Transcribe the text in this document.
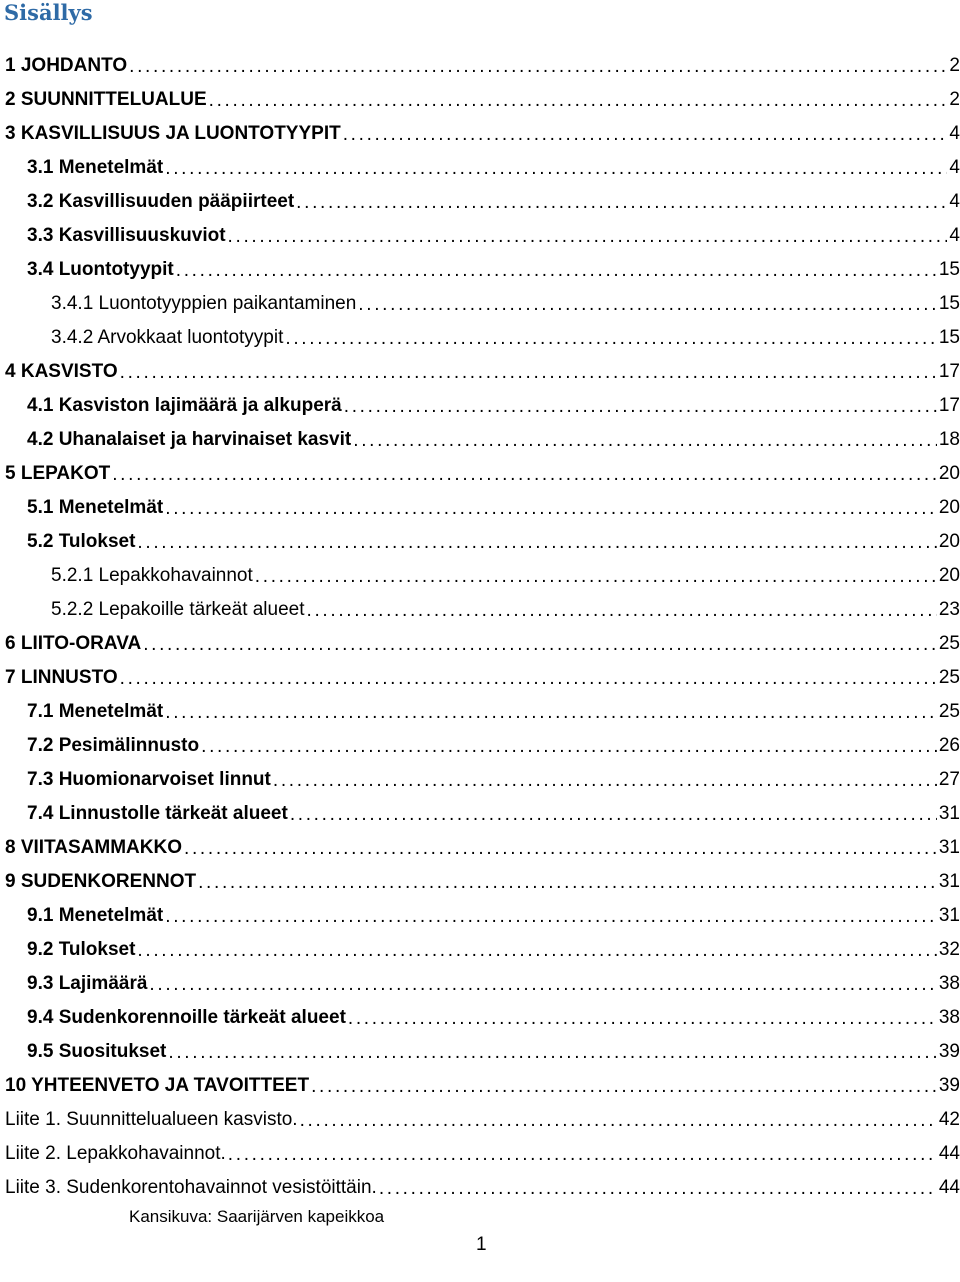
Sisällys
1 JOHDANTO . . .	2
2 SUUNNITTELUALUE . . .	2
3 KASVILLISUUS JA LUONTOTYYPIT . . .	4
3.1 Menetelmät . . .	4
3.2 Kasvillisuuden pääpiirteet . . .	4
3.3 Kasvillisuuskuviot . . .	4
3.4 Luontotyypit . . .	15
3.4.1 Luontotyyppien paikantaminen . . .	15
3.4.2 Arvokkaat luontotyypit . . .	15
4 KASVISTO . . .	17
4.1 Kasviston lajimäärä ja alkuperä . . .	17
4.2 Uhanalaiset ja harvinaiset kasvit . . .	18
5 LEPAKOT . . .	20
5.1 Menetelmät . . .	20
5.2 Tulokset . . .	20
5.2.1 Lepakkohavainnot . . .	20
5.2.2 Lepakoille tärkeät alueet . . .	23
6 LIITO-ORAVA . . .	25
7 LINNUSTO . . .	25
7.1 Menetelmät . . .	25
7.2 Pesimälinnusto . . .	26
7.3 Huomionarvoiset linnut . . .	27
7.4 Linnustolle tärkeät alueet . . .	31
8 VIITASAMMAKKO . . .	31
9 SUDENKORENNOT . . .	31
9.1 Menetelmät . . .	31
9.2 Tulokset . . .	32
9.3 Lajimäärä . . .	38
9.4 Sudenkorennoille tärkeät alueet . . .	38
9.5 Suositukset . . .	39
10 YHTEENVETO JA TAVOITTEET . . .	39
Liite 1. Suunnittelualueen kasvisto. . . .	42
Liite 2. Lepakkohavainnot. . . .	44
Liite 3. Sudenkorentohavainnot vesistöittäin. . . .	44
Kansikuva: Saarijärven kapeikkoa
1
